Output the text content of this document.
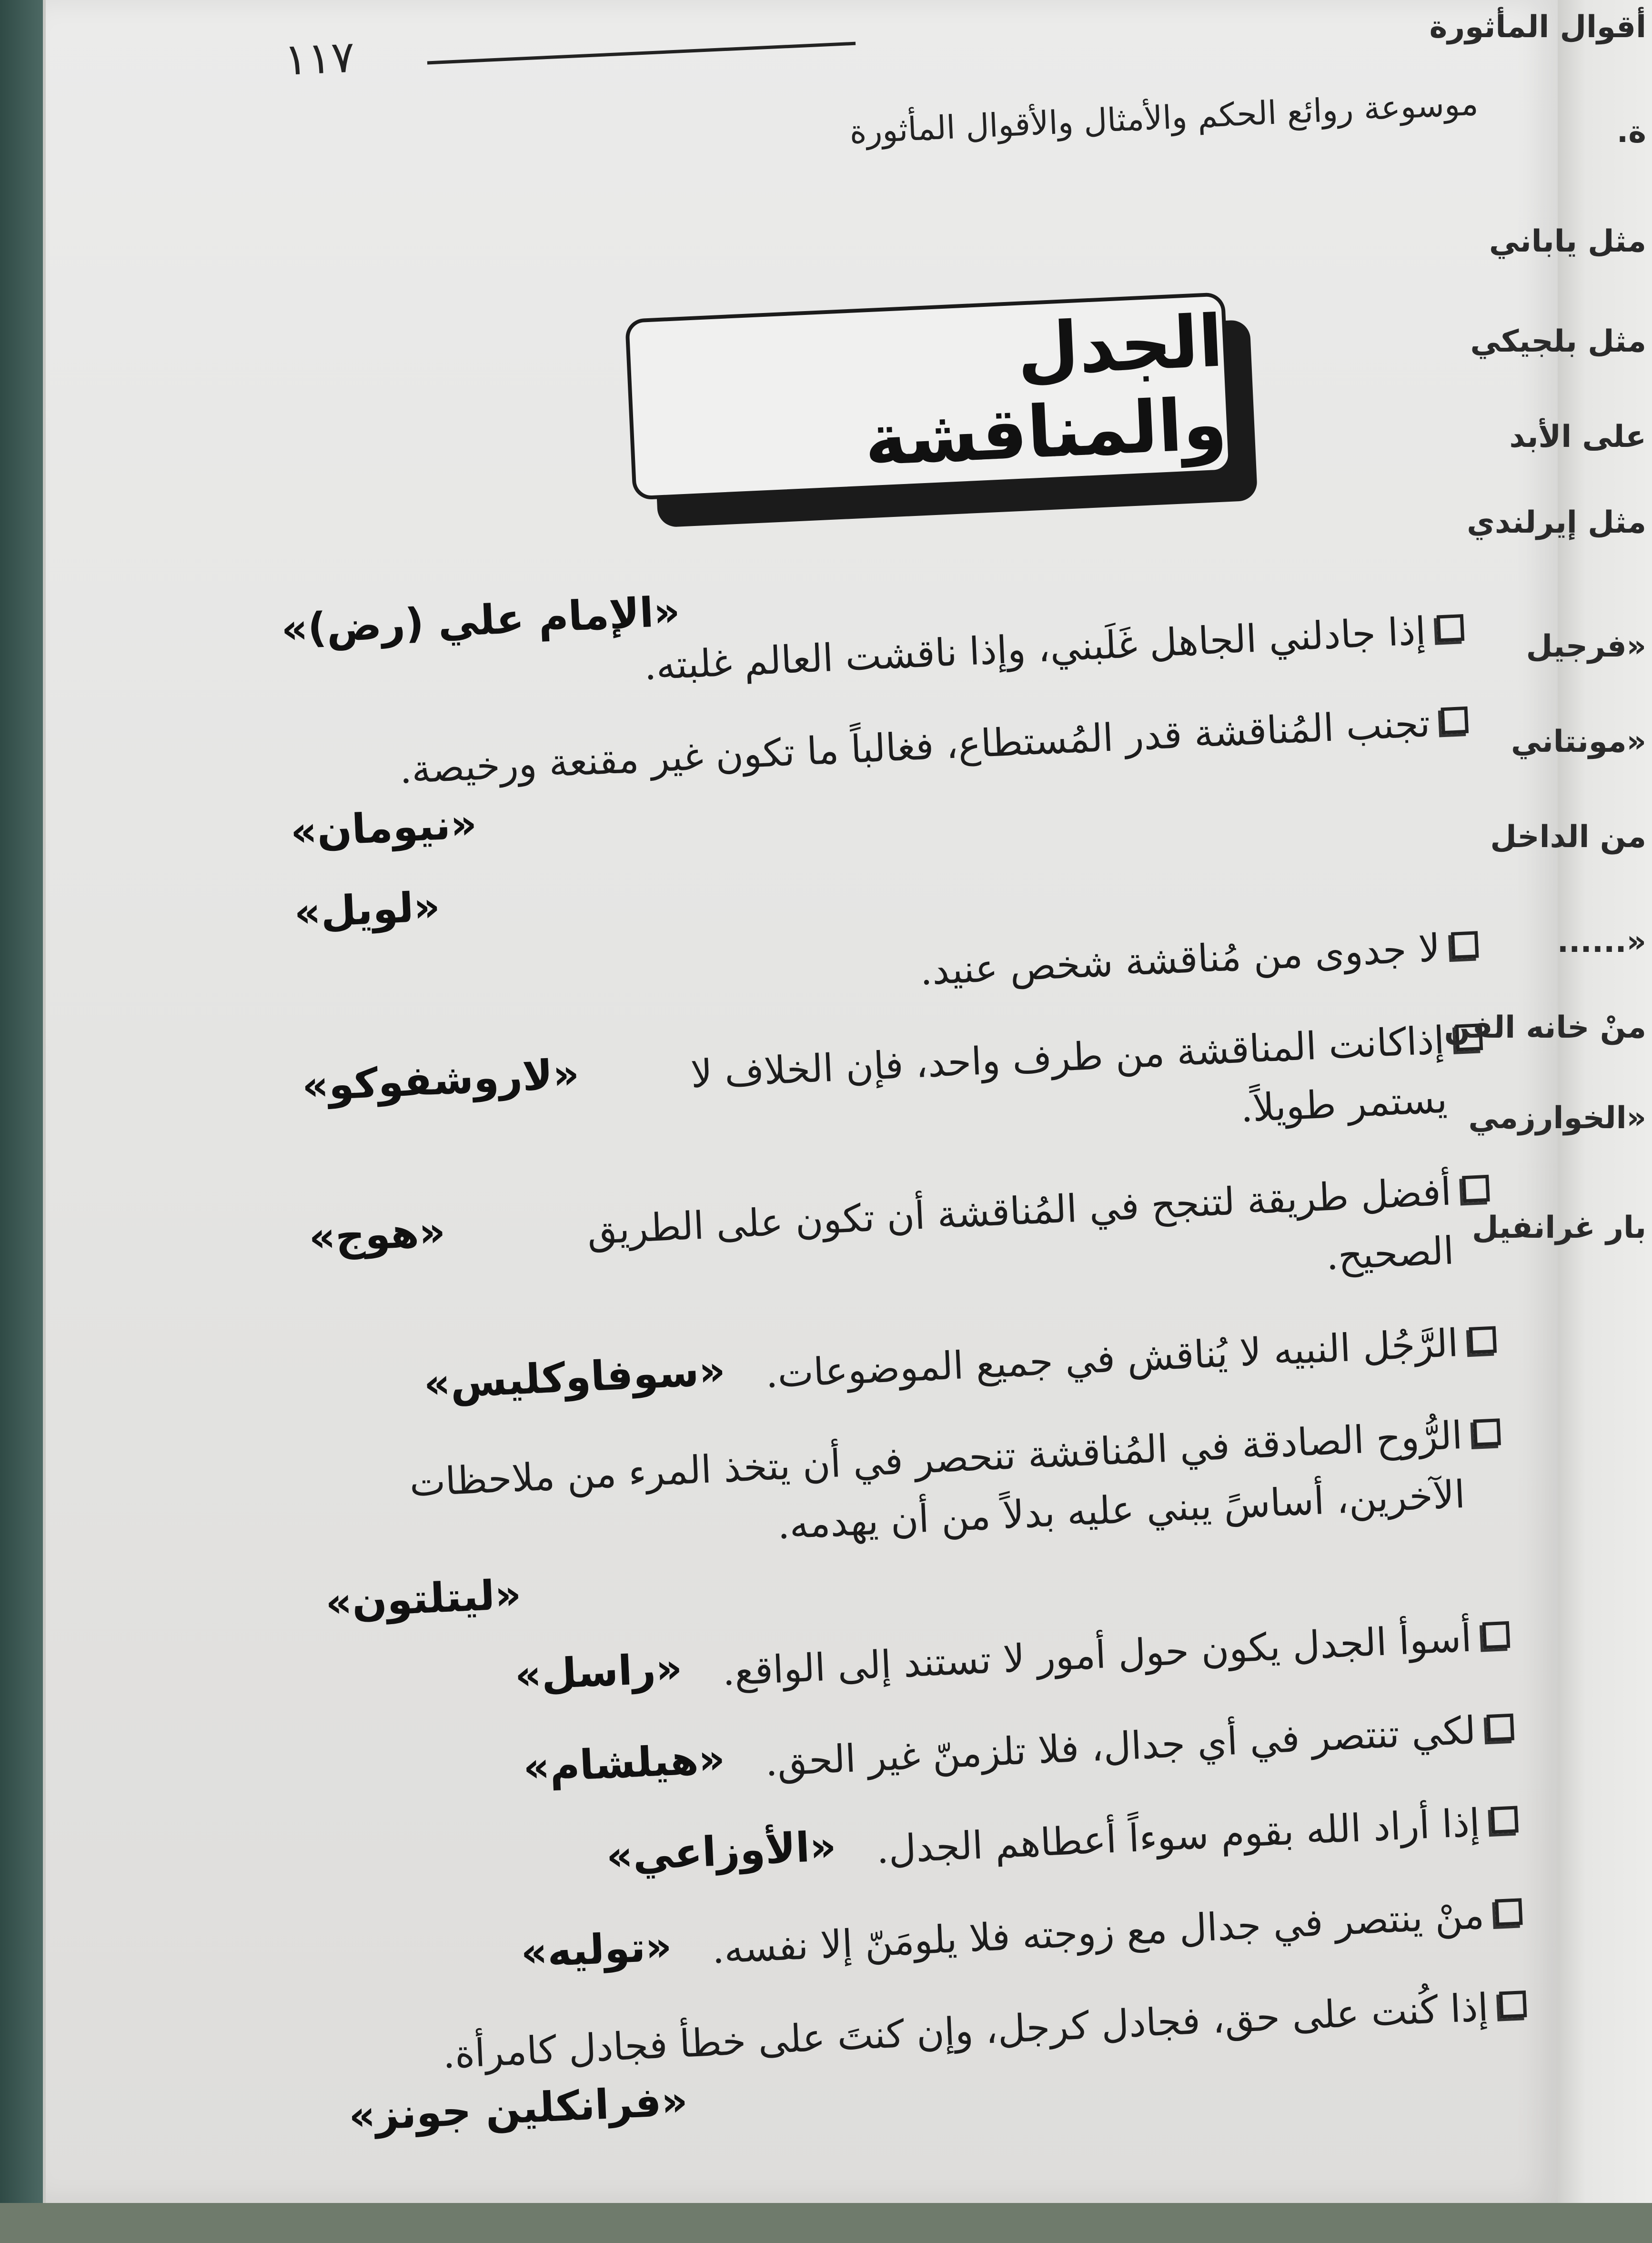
١١٧
موسوعة روائع الحكم والأمثال والأقوال المأثورة
الجدل والمناقشة
«الإمام علي (رض)»
إذا جادلني الجاهل غَلَبني، وإذا ناقشت العالم غلبته.
تجنب المُناقشة قدر المُستطاع، فغالباً ما تكون غير مقنعة ورخيصة.
«نيومان»
«لويل»
لا جدوى من مُناقشة شخص عنيد.
إذاكانت المناقشة من طرف واحد، فإن الخلاف لا يستمر طويلاً.
«لاروشفوكو»
أفضل طريقة لتنجح في المُناقشة أن تكون على الطريق الصحيح.
«هوج»
الرَّجُل النبيه لا يُناقش في جميع الموضوعات.
«سوفاوكليس»
الرُّوح الصادقة في المُناقشة تنحصر في أن يتخذ المرء من ملاحظات الآخرين، أساسً يبني عليه بدلاً من أن يهدمه.
«ليتلتون»
أسوأ الجدل يكون حول أمور لا تستند إلى الواقع.
«راسل»
لكي تنتصر في أي جدال، فلا تلزمنّ غير الحق.
«هيلشام»
إذا أراد الله بقوم سوءاً أعطاهم الجدل.
«الأوزاعي»
منْ ينتصر في جدال مع زوجته فلا يلومَنّ إلا نفسه.
«توليه»
إذا كُنت على حق، فجادل كرجل، وإن كنتَ على خطأ فجادل كامرأة.
«فرانكلين جونز»
أقوال المأثورة
ة.
مثل ياباني
مثل بلجيكي
على الأبد
مثل إيرلندي
«فرجيل
«مونتاني
من الداخل
«......
منْ خانه الفن
«الخوارزمي
بار غرانفيل
